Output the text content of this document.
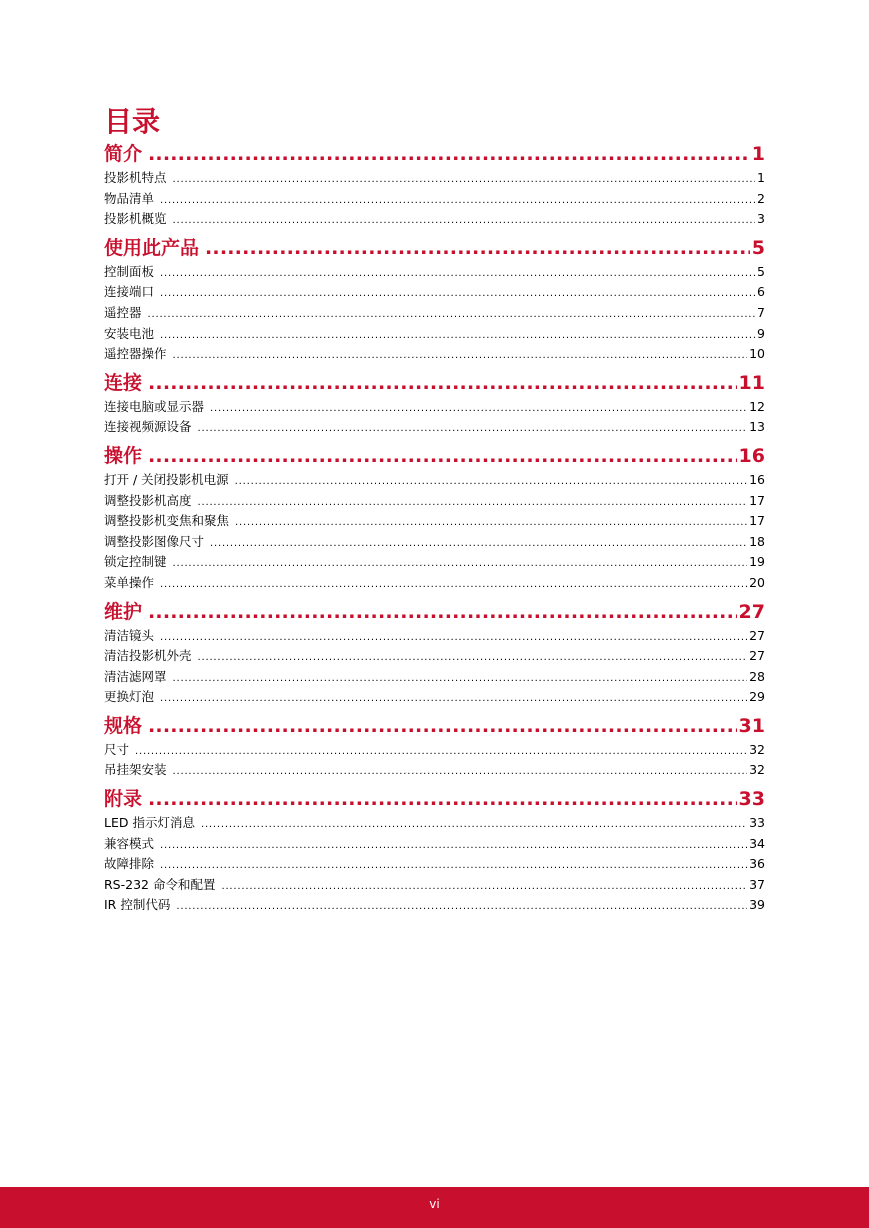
目录
简介 .....	1
投影机特点 .....	1
物品清单 .....	2
投影机概览 .....	3
使用此产品 .....	5
控制面板 .....	5
连接端口 .....	6
遥控器 .....	7
安装电池 .....	9
遥控器操作 .....	10
连接 .....	11
连接电脑或显示器 .....	12
连接视频源设备 .....	13
操作 .....	16
打开 / 关闭投影机电源 .....	16
调整投影机高度 .....	17
调整投影机变焦和聚焦 .....	17
调整投影图像尺寸 .....	18
锁定控制键 .....	19
菜单操作 .....	20
维护 .....	27
清洁镜头 .....	27
清洁投影机外壳 .....	27
清洁滤网罩 .....	28
更换灯泡 .....	29
规格 .....	31
尺寸 .....	32
吊挂架安装 .....	32
附录 .....	33
LED 指示灯消息 .....	33
兼容模式 .....	34
故障排除 .....	36
RS-232 命令和配置 .....	37
IR 控制代码 .....	39
vi
